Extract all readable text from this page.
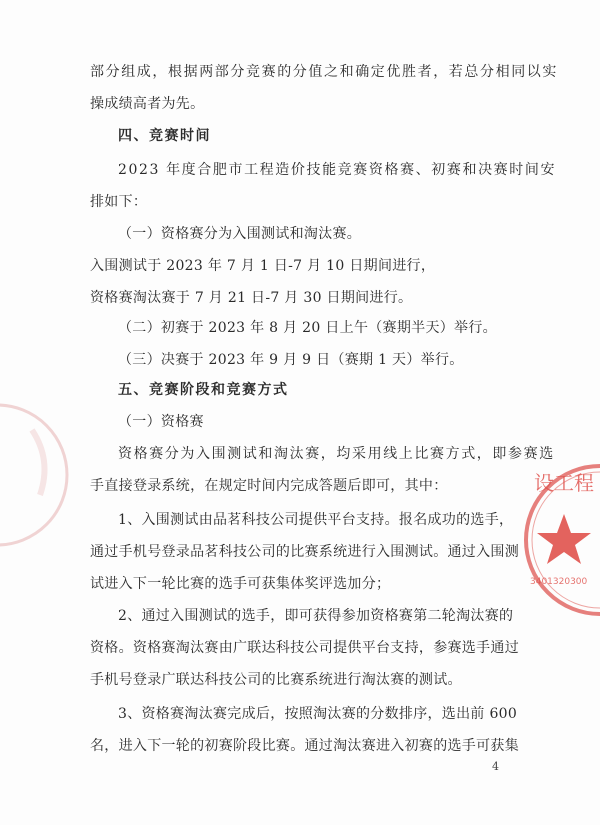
设工程
3401320300
部分组成，根据两部分竞赛的分值之和确定优胜者，若总分相同以实
操成绩高者为先。
四、竞赛时间
2023 年度合肥市工程造价技能竞赛资格赛、初赛和决赛时间安
排如下：
（一）资格赛分为入围测试和淘汰赛。
入围测试于 2023 年 7 月 1 日-7 月 10 日期间进行，
资格赛淘汰赛于 7 月 21 日-7 月 30 日期间进行。
（二）初赛于 2023 年 8 月 20 日上午（赛期半天）举行。
（三）决赛于 2023 年 9 月 9 日（赛期 1 天）举行。
五、竞赛阶段和竞赛方式
（一）资格赛
资格赛分为入围测试和淘汰赛，均采用线上比赛方式，即参赛选
手直接登录系统，在规定时间内完成答题后即可，其中：
1、入围测试由品茗科技公司提供平台支持。报名成功的选手，
通过手机号登录品茗科技公司的比赛系统进行入围测试。通过入围测
试进入下一轮比赛的选手可获集体奖评选加分；
2、通过入围测试的选手，即可获得参加资格赛第二轮淘汰赛的
资格。资格赛淘汰赛由广联达科技公司提供平台支持，参赛选手通过
手机号登录广联达科技公司的比赛系统进行淘汰赛的测试。
3、资格赛淘汰赛完成后，按照淘汰赛的分数排序，选出前 600
名，进入下一轮的初赛阶段比赛。通过淘汰赛进入初赛的选手可获集
4
